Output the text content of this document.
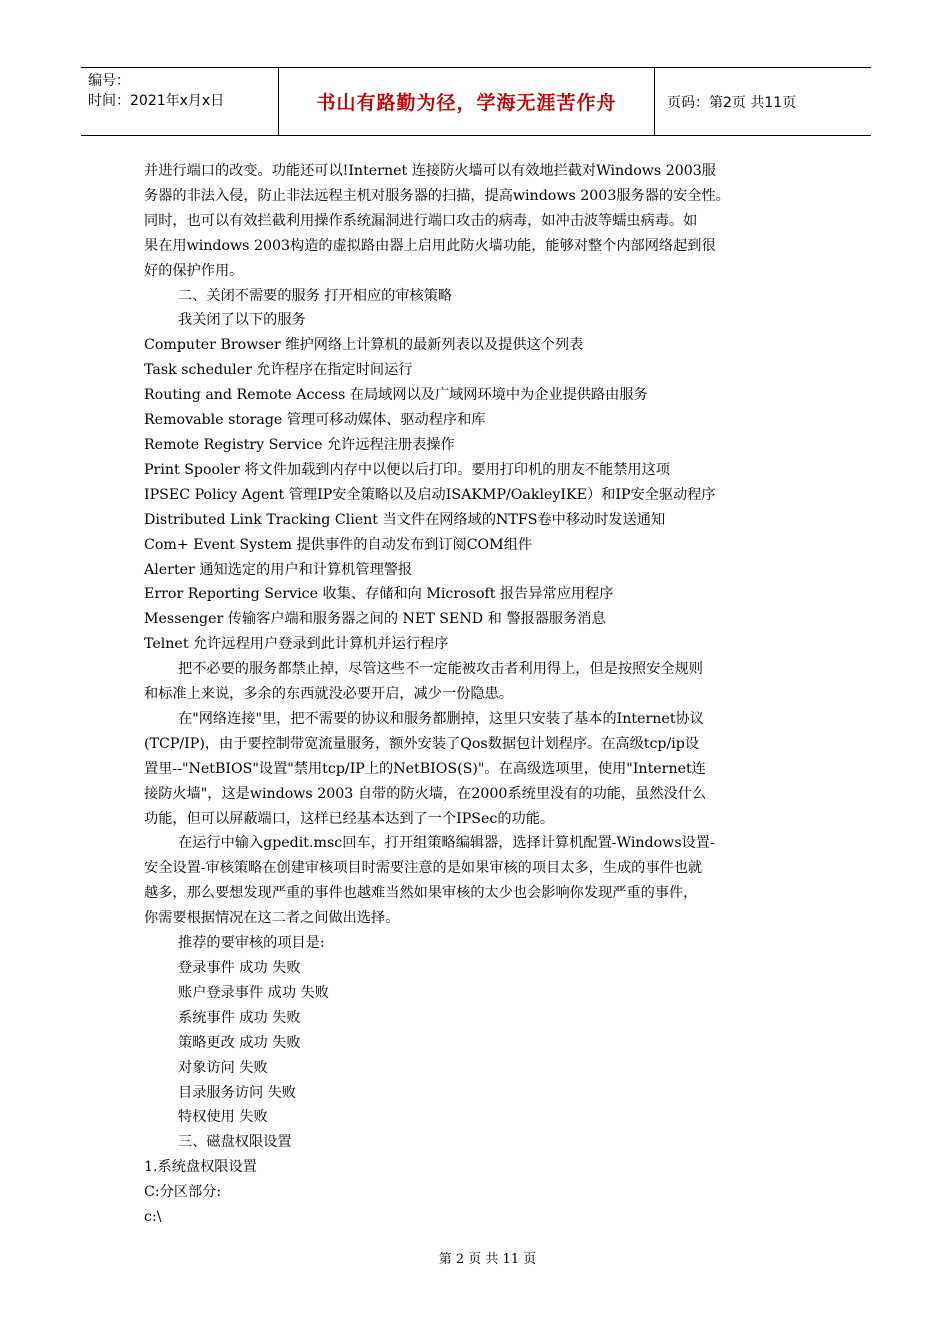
编号：
时间：2021年x月x日	书山有路勤为径，学海无涯苦作舟	页码：第2页 共11页

并进行端口的改变。功能还可以!Internet 连接防火墙可以有效地拦截对Windows 2003服

务器的非法入侵，防止非法远程主机对服务器的扫描，提高windows 2003服务器的安全性。

同时，也可以有效拦截利用操作系统漏洞进行端口攻击的病毒，如冲击波等蠕虫病毒。如

果在用windows 2003构造的虚拟路由器上启用此防火墙功能，能够对整个内部网络起到很

好的保护作用。

二、关闭不需要的服务 打开相应的审核策略

我关闭了以下的服务

Computer Browser 维护网络上计算机的最新列表以及提供这个列表

Task scheduler 允许程序在指定时间运行

Routing and Remote Access 在局域网以及广域网环境中为企业提供路由服务

Removable storage 管理可移动媒体、驱动程序和库

Remote Registry Service 允许远程注册表操作

Print Spooler 将文件加载到内存中以便以后打印。要用打印机的朋友不能禁用这项

IPSEC Policy Agent 管理IP安全策略以及启动ISAKMP/OakleyIKE）和IP安全驱动程序

Distributed Link Tracking Client 当文件在网络域的NTFS卷中移动时发送通知

Com+ Event System 提供事件的自动发布到订阅COM组件

Alerter 通知选定的用户和计算机管理警报

Error Reporting Service 收集、存储和向 Microsoft 报告异常应用程序

Messenger 传输客户端和服务器之间的 NET SEND 和 警报器服务消息

Telnet 允许远程用户登录到此计算机并运行程序

把不必要的服务都禁止掉，尽管这些不一定能被攻击者利用得上，但是按照安全规则

和标准上来说，多余的东西就没必要开启，减少一份隐患。

在"网络连接"里，把不需要的协议和服务都删掉，这里只安装了基本的Internet协议

(TCP/IP)，由于要控制带宽流量服务，额外安装了Qos数据包计划程序。在高级tcp/ip设

置里--"NetBIOS"设置"禁用tcp/IP上的NetBIOS(S)"。在高级选项里，使用"Internet连

接防火墙"，这是windows 2003 自带的防火墙，在2000系统里没有的功能，虽然没什么

功能，但可以屏蔽端口，这样已经基本达到了一个IPSec的功能。

在运行中输入gpedit.msc回车，打开组策略编辑器，选择计算机配置-Windows设置-

安全设置-审核策略在创建审核项目时需要注意的是如果审核的项目太多，生成的事件也就

越多，那么要想发现严重的事件也越难当然如果审核的太少也会影响你发现严重的事件，

你需要根据情况在这二者之间做出选择。

推荐的要审核的项目是:

登录事件 成功 失败

账户登录事件 成功 失败

系统事件 成功 失败

策略更改 成功 失败

对象访问 失败

目录服务访问 失败

特权使用 失败

三、磁盘权限设置

1.系统盘权限设置

C:分区部分:

c:\

第 2 页 共 11 页
